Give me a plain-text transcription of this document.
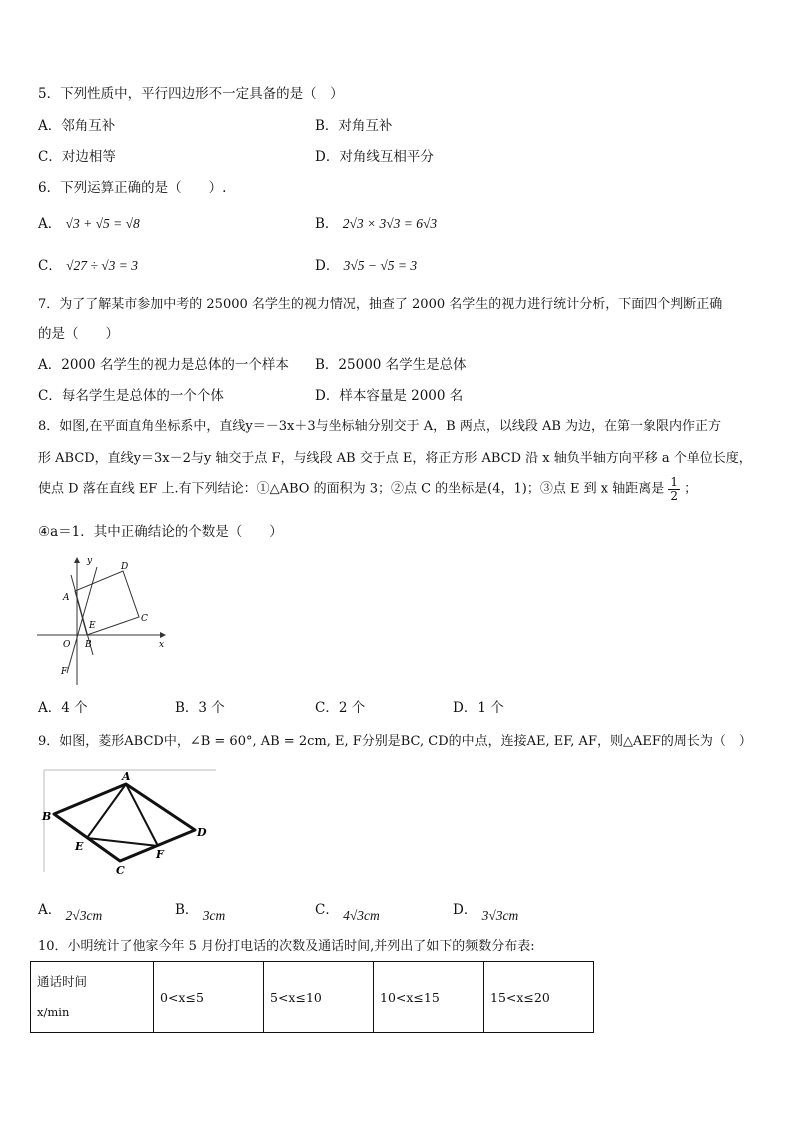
5．下列性质中，平行四边形不一定具备的是（　）
A．邻角互补	B．对角互补
C．对边相等	D．对角线互相平分
6．下列运算正确的是（　　）.
A． √3 + √5 = √8	B． 2√3 × 3√3 = 6√3
C． √27 ÷ √3 = 3	D． 3√5 − √5 = 3
7．为了了解某市参加中考的 25000 名学生的视力情况，抽查了 2000 名学生的视力进行统计分析，下面四个判断正确
的是（　　）
A．2000 名学生的视力是总体的一个样本 B．25000 名学生是总体
C．每名学生是总体的一个个体	D．样本容量是 2000 名
8．如图,在平面直角坐标系中，直线y＝－3x＋3与坐标轴分别交于 A，B 两点，以线段 AB 为边，在第一象限内作正方
形 ABCD，直线y＝3x－2与y 轴交于点 F，与线段 AB 交于点 E，将正方形 ABCD 沿 x 轴负半轴方向平移 a 个单位长度，
使点 D 落在直线 EF 上.有下列结论：①△ABO 的面积为 3；②点 C 的坐标是(4，1)；③点 E 到 x 轴距离是 $\frac{1}{2}$ ；
④a＝1．其中正确结论的个数是（　　）
y
x
A
B
C
D
E
F
O
A．4 个	B．3 个	C．2 个	D．1 个
9．如图，菱形ABCD中，∠B = 60°, AB = 2cm, E, F分别是BC, CD的中点，连接AE, EF, AF，则△AEF的周长为（　）
A
B
C
D
E
F
A． 2√3cm	B． 3cm	C． 4√3cm	D． 3√3cm
10．小明统计了他家今年 5 月份打电话的次数及通话时间,并列出了如下的频数分布表:
通话时间
x/min
	0<x≤5	5<x≤10	10<x≤15	15<x≤20
